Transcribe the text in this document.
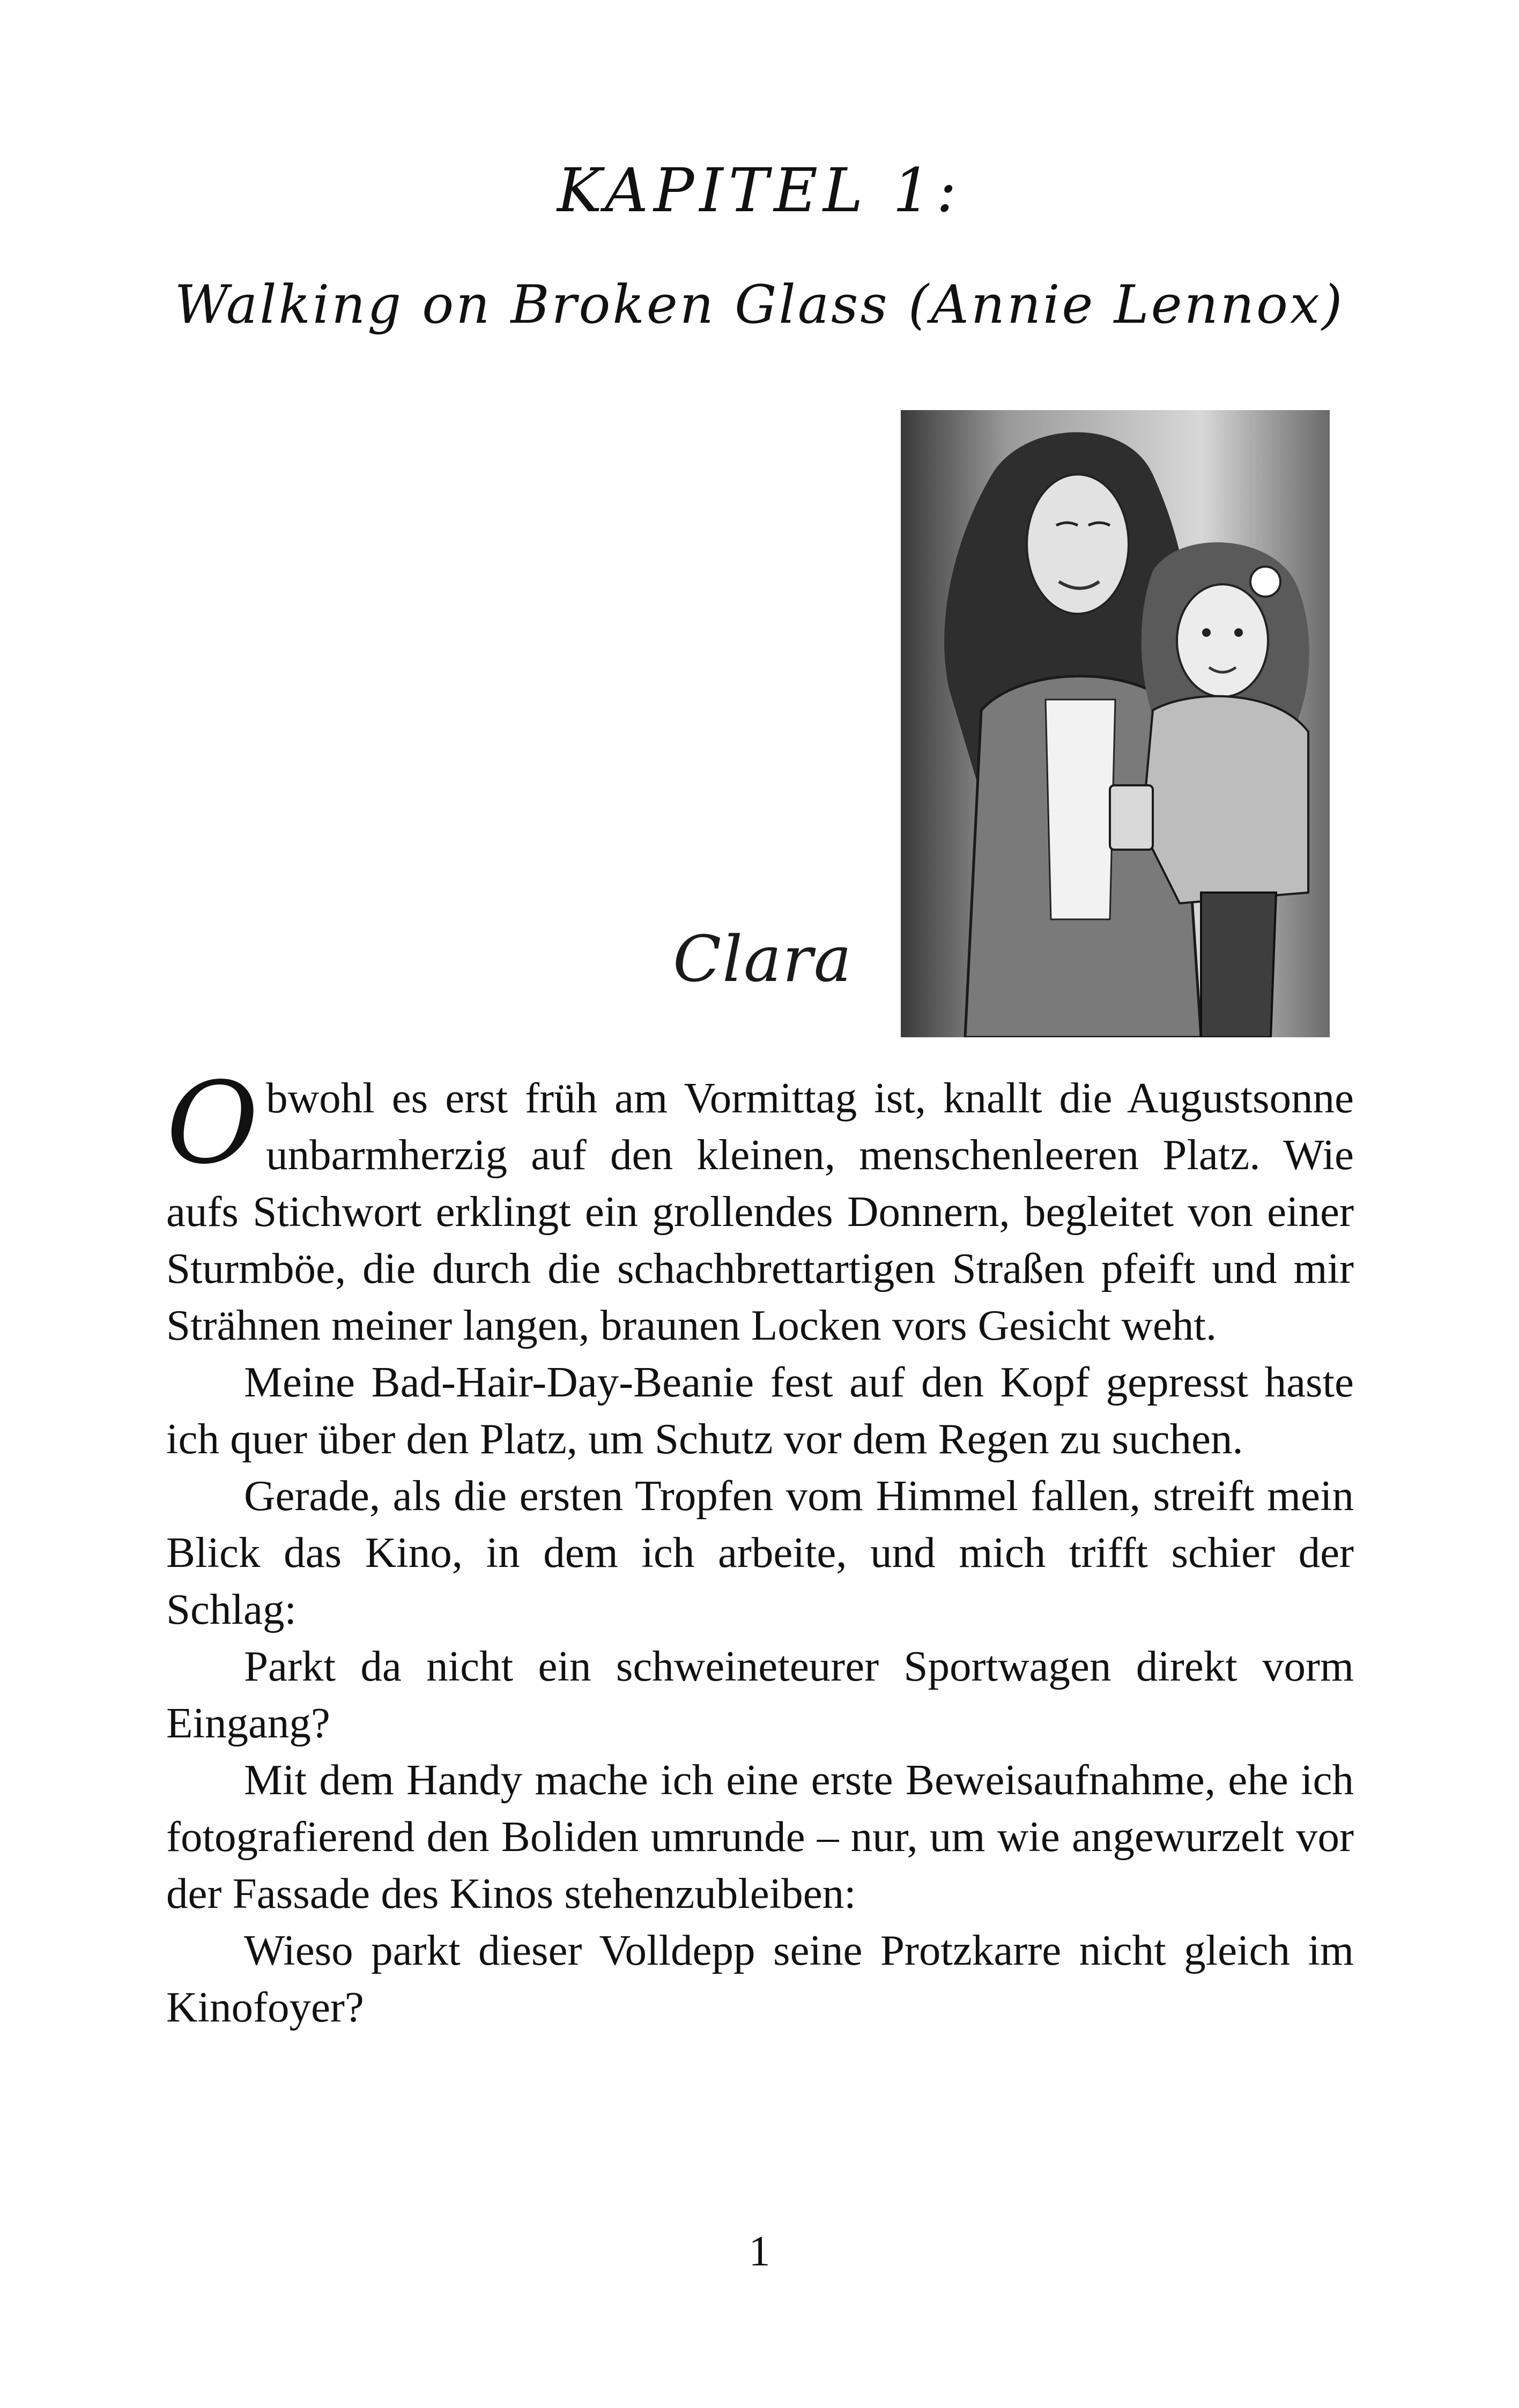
KAPITEL 1:
Walking on Broken Glass (Annie Lennox)
Clara

Obwohl es erst früh am Vormittag ist, knallt die Augustsonne unbarmherzig auf den kleinen, menschenleeren Platz. Wie aufs Stichwort erklingt ein grollendes Donnern, begleitet von einer Sturmböe, die durch die schachbrettartigen Straßen pfeift und mir Strähnen meiner langen, braunen Locken vors Gesicht weht.

Meine Bad-Hair-Day-Beanie fest auf den Kopf gepresst haste ich quer über den Platz, um Schutz vor dem Regen zu suchen.

Gerade, als die ersten Tropfen vom Himmel fallen, streift mein Blick das Kino, in dem ich arbeite, und mich trifft schier der Schlag:

Parkt da nicht ein schweineteurer Sportwagen direkt vorm Eingang?

Mit dem Handy mache ich eine erste Beweisaufnahme, ehe ich fotografierend den Boliden umrunde – nur, um wie angewurzelt vor der Fassade des Kinos stehenzubleiben:

Wieso parkt dieser Volldepp seine Protzkarre nicht gleich im Kinofoyer?

1
